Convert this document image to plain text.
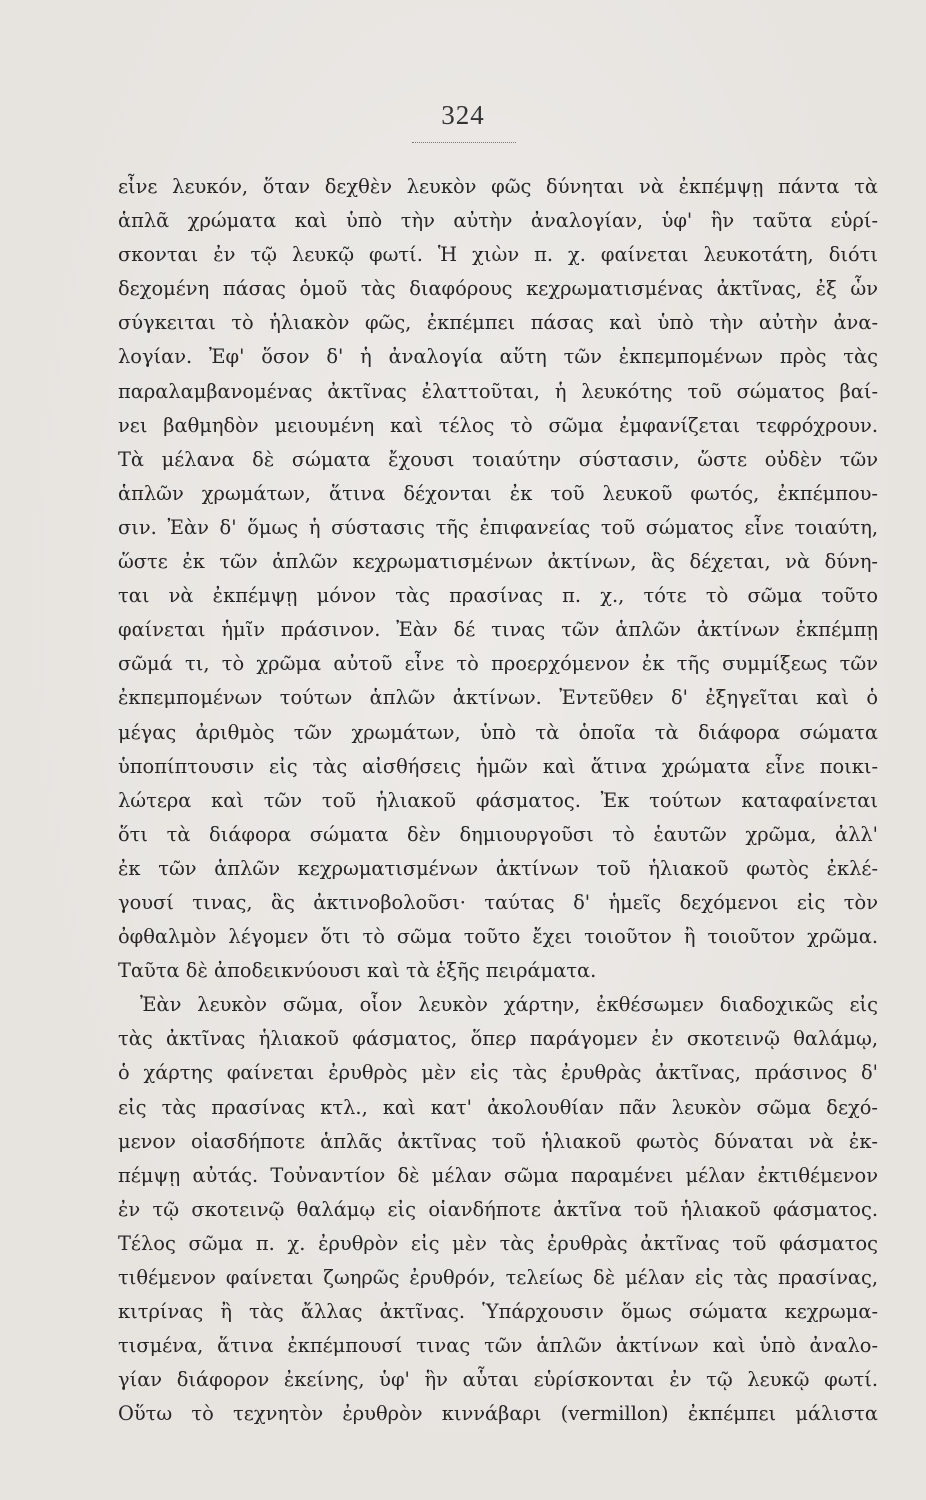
324
εἶνε λευκόν, ὅταν δεχθὲν λευκὸν φῶς δύνηται νὰ ἐκπέμψῃ πάντα τὰ
ἁπλᾶ χρώματα καὶ ὑπὸ τὴν αὐτὴν ἀναλογίαν, ὑφ' ἣν ταῦτα εὑρί-
σκονται ἐν τῷ λευκῷ φωτί. Ἡ χιὼν π. χ. φαίνεται λευκοτάτη, διότι
δεχομένη πάσας ὁμοῦ τὰς διαφόρους κεχρωματισμένας ἀκτῖνας, ἐξ ὧν
σύγκειται τὸ ἡλιακὸν φῶς, ἐκπέμπει πάσας καὶ ὑπὸ τὴν αὐτὴν ἀνα-
λογίαν. Ἐφ' ὅσον δ' ἡ ἀναλογία αὕτη τῶν ἐκπεμπομένων πρὸς τὰς
παραλαμβανομένας ἀκτῖνας ἐλαττοῦται, ἡ λευκότης τοῦ σώματος βαί-
νει βαθμηδὸν μειουμένη καὶ τέλος τὸ σῶμα ἐμφανίζεται τεφρόχρουν.
Τὰ μέλανα δὲ σώματα ἔχουσι τοιαύτην σύστασιν, ὥστε οὐδὲν τῶν
ἁπλῶν χρωμάτων, ἅτινα δέχονται ἐκ τοῦ λευκοῦ φωτός, ἐκπέμπου-
σιν. Ἐὰν δ' ὅμως ἡ σύστασις τῆς ἐπιφανείας τοῦ σώματος εἶνε τοιαύτη,
ὥστε ἐκ τῶν ἁπλῶν κεχρωματισμένων ἀκτίνων, ἃς δέχεται, νὰ δύνη-
ται νὰ ἐκπέμψῃ μόνον τὰς πρασίνας π. χ., τότε τὸ σῶμα τοῦτο
φαίνεται ἡμῖν πράσινον. Ἐὰν δέ τινας τῶν ἁπλῶν ἀκτίνων ἐκπέμπῃ
σῶμά τι, τὸ χρῶμα αὐτοῦ εἶνε τὸ προερχόμενον ἐκ τῆς συμμίξεως τῶν
ἐκπεμπομένων τούτων ἁπλῶν ἀκτίνων. Ἐντεῦθεν δ' ἐξηγεῖται καὶ ὁ
μέγας ἀριθμὸς τῶν χρωμάτων, ὑπὸ τὰ ὁποῖα τὰ διάφορα σώματα
ὑποπίπτουσιν εἰς τὰς αἰσθήσεις ἡμῶν καὶ ἅτινα χρώματα εἶνε ποικι-
λώτερα καὶ τῶν τοῦ ἡλιακοῦ φάσματος. Ἐκ τούτων καταφαίνεται
ὅτι τὰ διάφορα σώματα δὲν δημιουργοῦσι τὸ ἑαυτῶν χρῶμα, ἀλλ'
ἐκ τῶν ἁπλῶν κεχρωματισμένων ἀκτίνων τοῦ ἡλιακοῦ φωτὸς ἐκλέ-
γουσί τινας, ἃς ἀκτινοβολοῦσι· ταύτας δ' ἡμεῖς δεχόμενοι εἰς τὸν
ὀφθαλμὸν λέγομεν ὅτι τὸ σῶμα τοῦτο ἔχει τοιοῦτον ἢ τοιοῦτον χρῶμα.
Ταῦτα δὲ ἀποδεικνύουσι καὶ τὰ ἑξῆς πειράματα.
Ἐὰν λευκὸν σῶμα, οἷον λευκὸν χάρτην, ἐκθέσωμεν διαδοχικῶς εἰς
τὰς ἀκτῖνας ἡλιακοῦ φάσματος, ὅπερ παράγομεν ἐν σκοτεινῷ θαλάμῳ,
ὁ χάρτης φαίνεται ἐρυθρὸς μὲν εἰς τὰς ἐρυθρὰς ἀκτῖνας, πράσινος δ'
εἰς τὰς πρασίνας κτλ., καὶ κατ' ἀκολουθίαν πᾶν λευκὸν σῶμα δεχό-
μενον οἱασδήποτε ἁπλᾶς ἀκτῖνας τοῦ ἡλιακοῦ φωτὸς δύναται νὰ ἐκ-
πέμψῃ αὐτάς. Τοὐναντίον δὲ μέλαν σῶμα παραμένει μέλαν ἐκτιθέμενον
ἐν τῷ σκοτεινῷ θαλάμῳ εἰς οἱανδήποτε ἀκτῖνα τοῦ ἡλιακοῦ φάσματος.
Τέλος σῶμα π. χ. ἐρυθρὸν εἰς μὲν τὰς ἐρυθρὰς ἀκτῖνας τοῦ φάσματος
τιθέμενον φαίνεται ζωηρῶς ἐρυθρόν, τελείως δὲ μέλαν εἰς τὰς πρασίνας,
κιτρίνας ἢ τὰς ἄλλας ἀκτῖνας. Ὑπάρχουσιν ὅμως σώματα κεχρωμα-
τισμένα, ἅτινα ἐκπέμπουσί τινας τῶν ἁπλῶν ἀκτίνων καὶ ὑπὸ ἀναλο-
γίαν διάφορον ἐκείνης, ὑφ' ἣν αὗται εὑρίσκονται ἐν τῷ λευκῷ φωτί.
Οὕτω τὸ τεχνητὸν ἐρυθρὸν κιννάβαρι (vermillon) ἐκπέμπει μάλιστα
